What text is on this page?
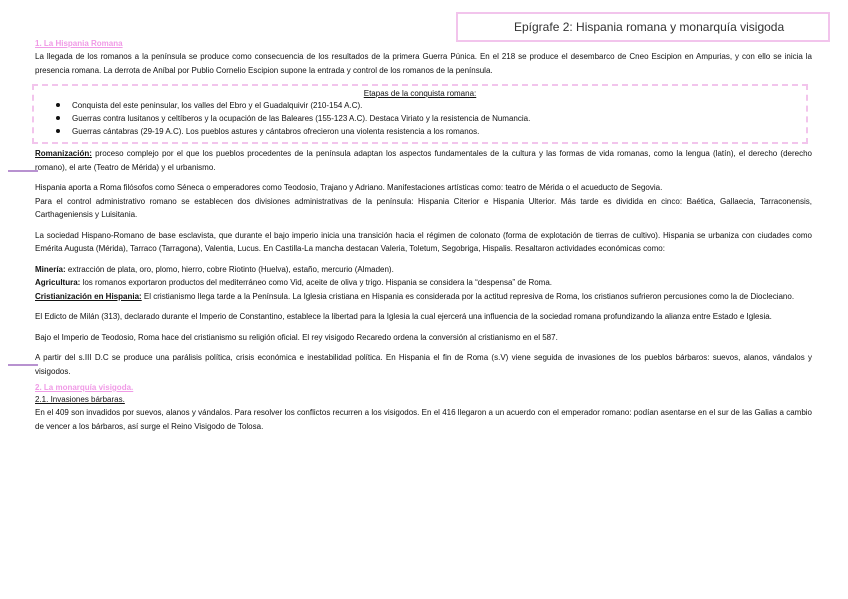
Epígrafe 2: Hispania romana y monarquía visigoda

1. La Hispania Romana

La llegada de los romanos a la península se produce como consecuencia de los resultados de la primera Guerra Púnica. En el 218 se produce el desembarco de Cneo Escipion en Ampurias, y con ello se inicia la presencia romana. La derrota de Aníbal por Publio Cornelio Escipion supone la entrada y control de los romanos de la península.

Etapas de la conquista romana:

Conquista del este peninsular, los valles del Ebro y el Guadalquivir (210-154 A.C).
Guerras contra lusitanos y celtíberos y la ocupación de las Baleares (155-123 A.C). Destaca Viriato y la resistencia de Numancia.
Guerras cántabras (29-19 A.C). Los pueblos astures y cántabros ofrecieron una violenta resistencia a los romanos.

Romanización: proceso complejo por el que los pueblos procedentes de la península adaptan los aspectos fundamentales de la cultura y las formas de vida romanas, como la lengua (latín), el derecho (derecho romano), el arte (Teatro de Mérida) y el urbanismo.

Hispania aporta a Roma filósofos como Séneca o emperadores como Teodosio, Trajano y Adriano. Manifestaciones artísticas como: teatro de Mérida o el acueducto de Segovia.

Para el control administrativo romano se establecen dos divisiones administrativas de la península: Hispania Citerior e Hispania Ulterior. Más tarde es dividida en cinco: Baética, Gallaecia, Tarraconensis, Carthageniensis y Luisitania.

La sociedad Hispano-Romano de base esclavista, que durante el bajo imperio inicia una transición hacia el régimen de colonato (forma de explotación de tierras de cultivo). Hispania se urbaniza con ciudades como Emérita Augusta (Mérida), Tarraco (Tarragona), Valentia, Lucus. En Castilla-La mancha destacan Valeria, Toletum, Segobriga, Hispalis. Resaltaron actividades económicas como:

Minería: extracción de plata, oro, plomo, hierro, cobre Riotinto (Huelva), estaño, mercurio (Almaden).

Agricultura: los romanos exportaron productos del mediterráneo como Vid, aceite de oliva y trigo. Hispania se considera la “despensa” de Roma.

Cristianización en Hispania: El cristianismo llega tarde a la Península. La Iglesia cristiana en Hispania es considerada por la actitud represiva de Roma, los cristianos sufrieron percusiones como la de Diocleciano.

El Edicto de Milán (313), declarado durante el Imperio de Constantino, establece la libertad para la Iglesia la cual ejercerá una influencia de la sociedad romana profundizando la alianza entre Estado e Iglesia.

Bajo el Imperio de Teodosio, Roma hace del cristianismo su religión oficial. El rey visigodo Recaredo ordena la conversión al cristianismo en el 587.

A partir del s.III D.C se produce una parálisis política, crisis económica e inestabilidad política. En Hispania el fin de Roma (s.V) viene seguida de invasiones de los pueblos bárbaros: suevos, alanos, vándalos y visigodos.

2. La monarquía visigoda.

2.1. Invasiones bárbaras.

En el 409 son invadidos por suevos, alanos y vándalos. Para resolver los conflictos recurren a los visigodos. En el 416 llegaron a un acuerdo con el emperador romano: podían asentarse en el sur de las Galias a cambio de vencer a los bárbaros, así surge el Reino Visigodo de Tolosa.
